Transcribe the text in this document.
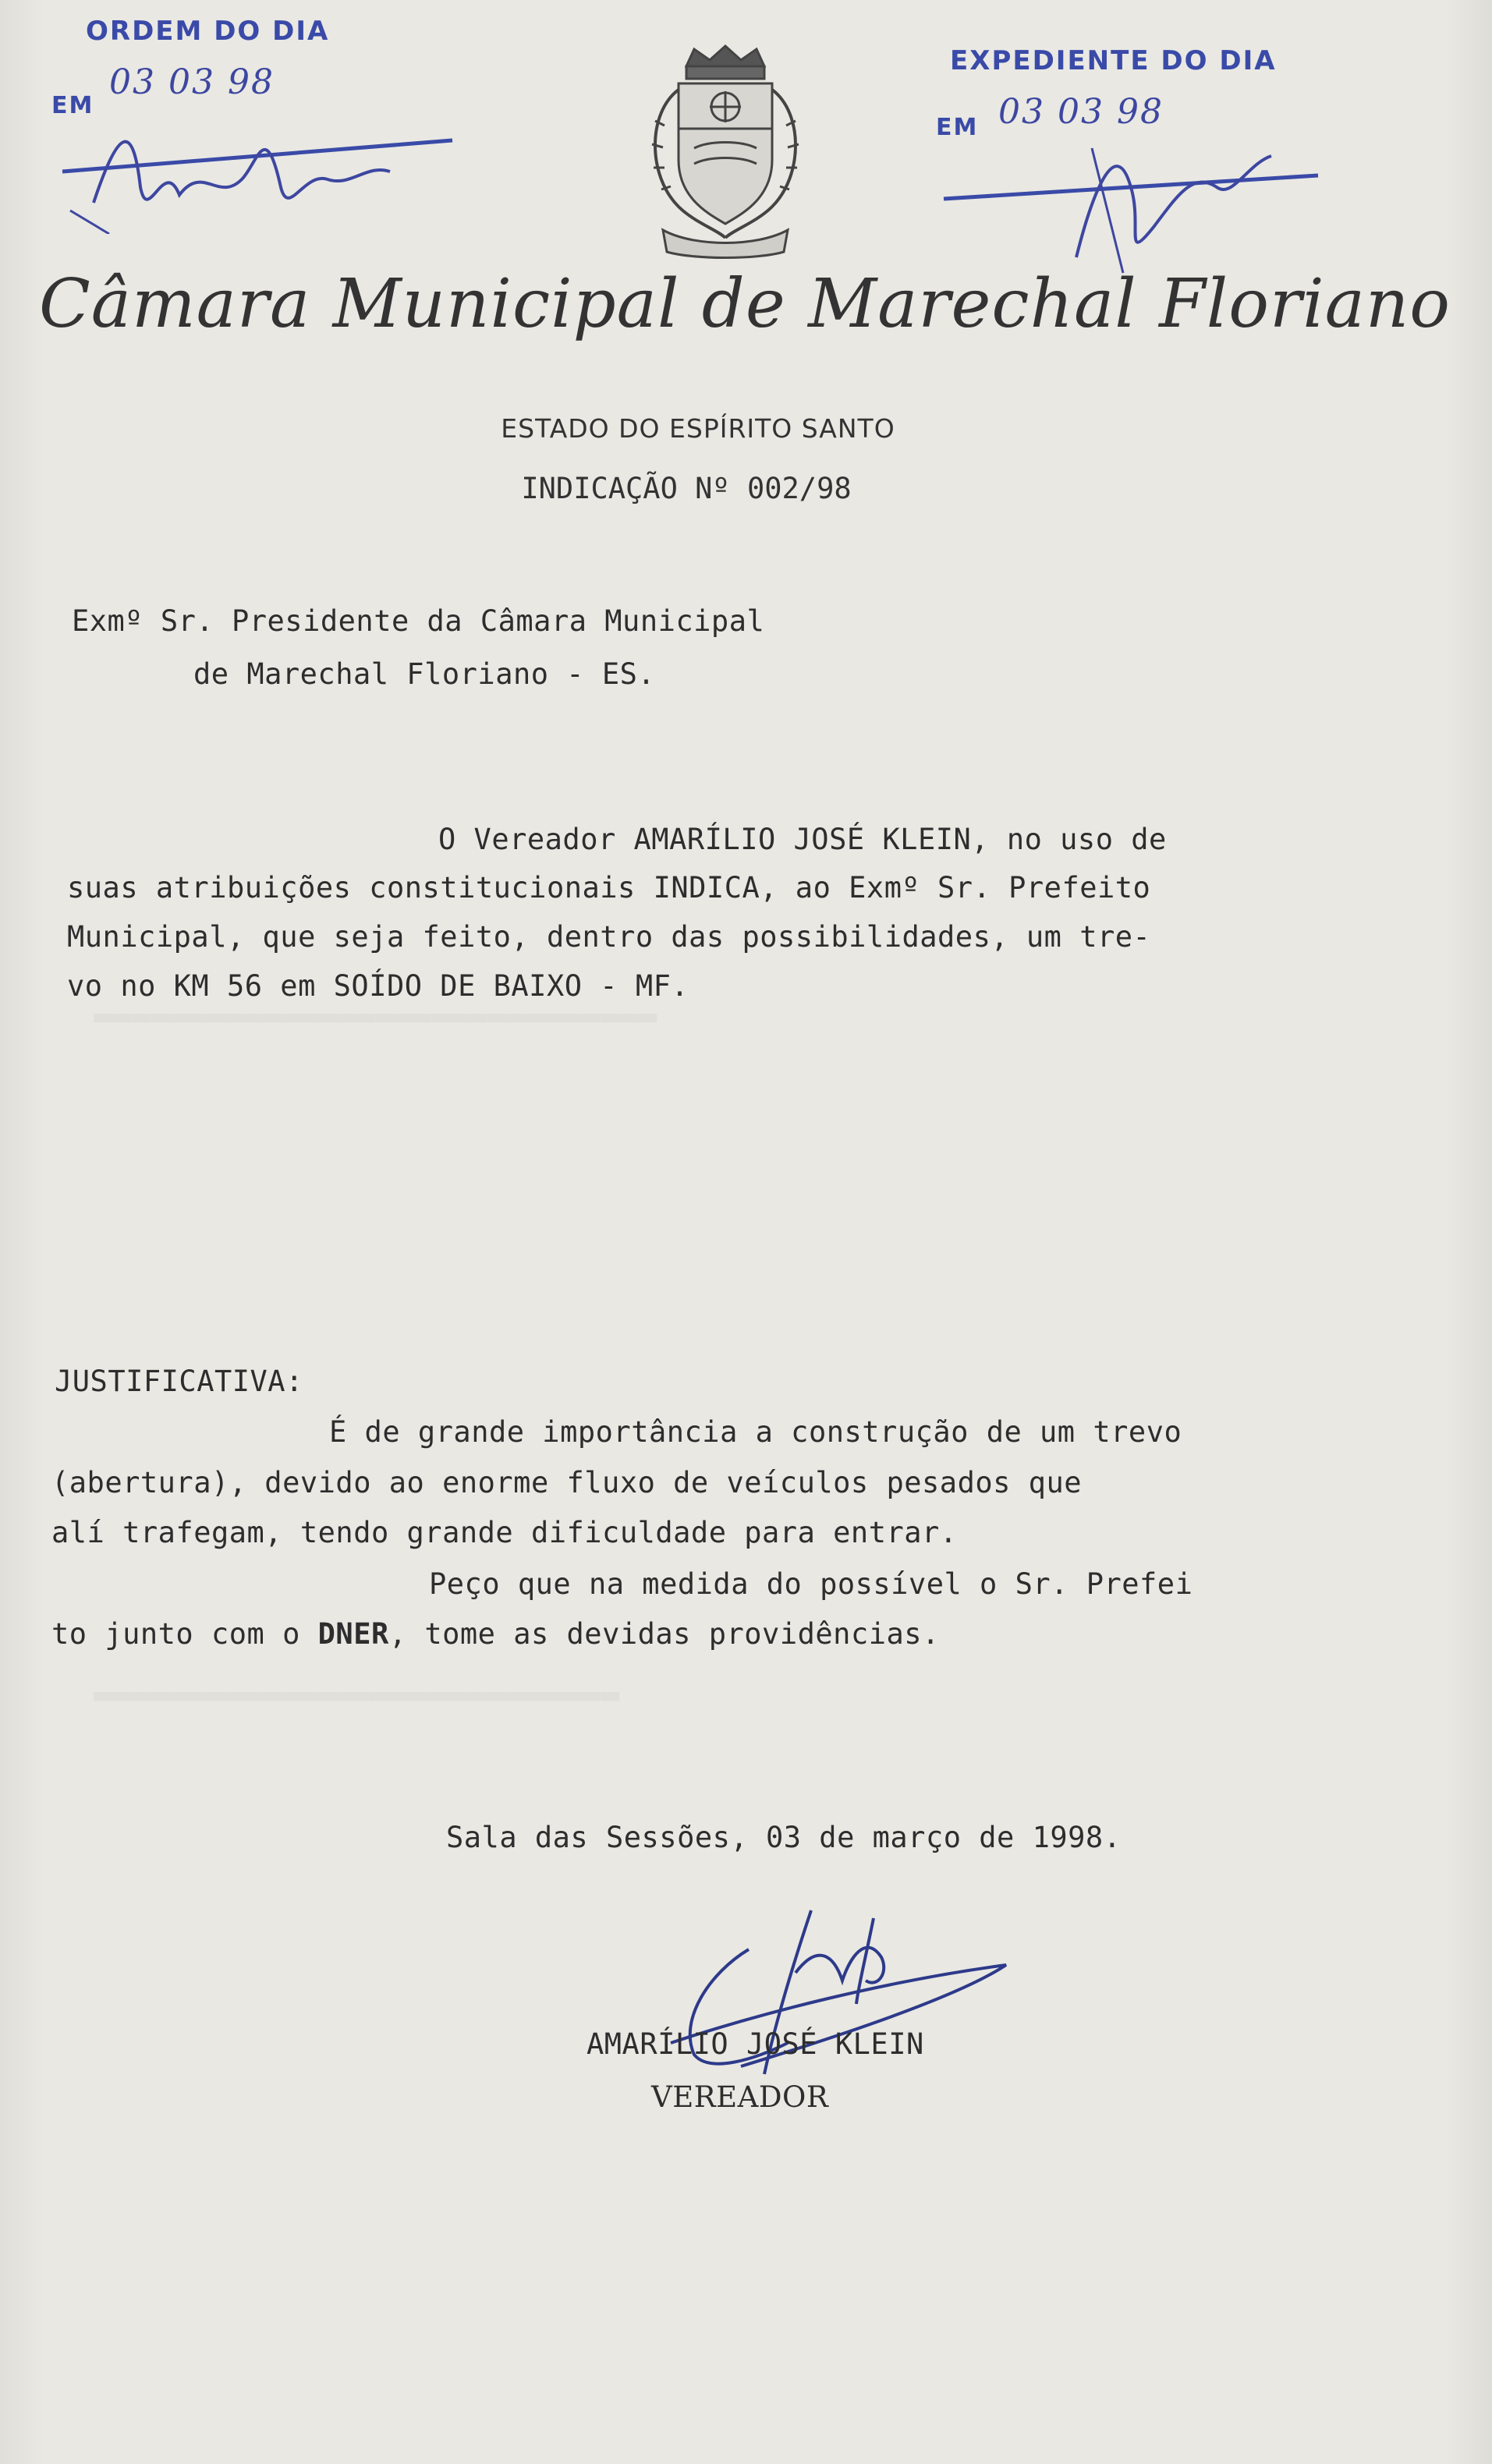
▬▬▬▬▬▬▬▬▬▬▬▬▬▬▬▬▬▬▬▬▬▬▬▬▬▬▬▬▬▬
▬▬▬▬▬▬▬▬▬▬▬▬▬▬▬▬▬▬▬▬▬▬▬▬▬▬▬▬
ORDEM DO DIA
EM
03 03 98
EXPEDIENTE DO DIA
EM 03 03 98
Câmara Municipal de Marechal Floriano
ESTADO DO ESPÍRITO SANTO
INDICAÇÃO Nº 002/98
Exmº Sr. Presidente da Câmara Municipal
de Marechal Floriano - ES.
O Vereador AMARÍLIO JOSÉ KLEIN, no uso de
suas atribuições constitucionais INDICA, ao Exmº Sr. Prefeito
Municipal, que seja feito, dentro das possibilidades, um tre-
vo no KM 56 em SOÍDO DE BAIXO - MF.
JUSTIFICATIVA:
É de grande importância a construção de um trevo
(abertura), devido ao enorme fluxo de veículos pesados que
alí trafegam, tendo grande dificuldade para entrar.
Peço que na medida do possível o Sr. Prefei
to junto com o DNER, tome as devidas providências.
Sala das Sessões, 03 de março de 1998.
AMARÍLIO JOSÉ KLEIN
VEREADOR
